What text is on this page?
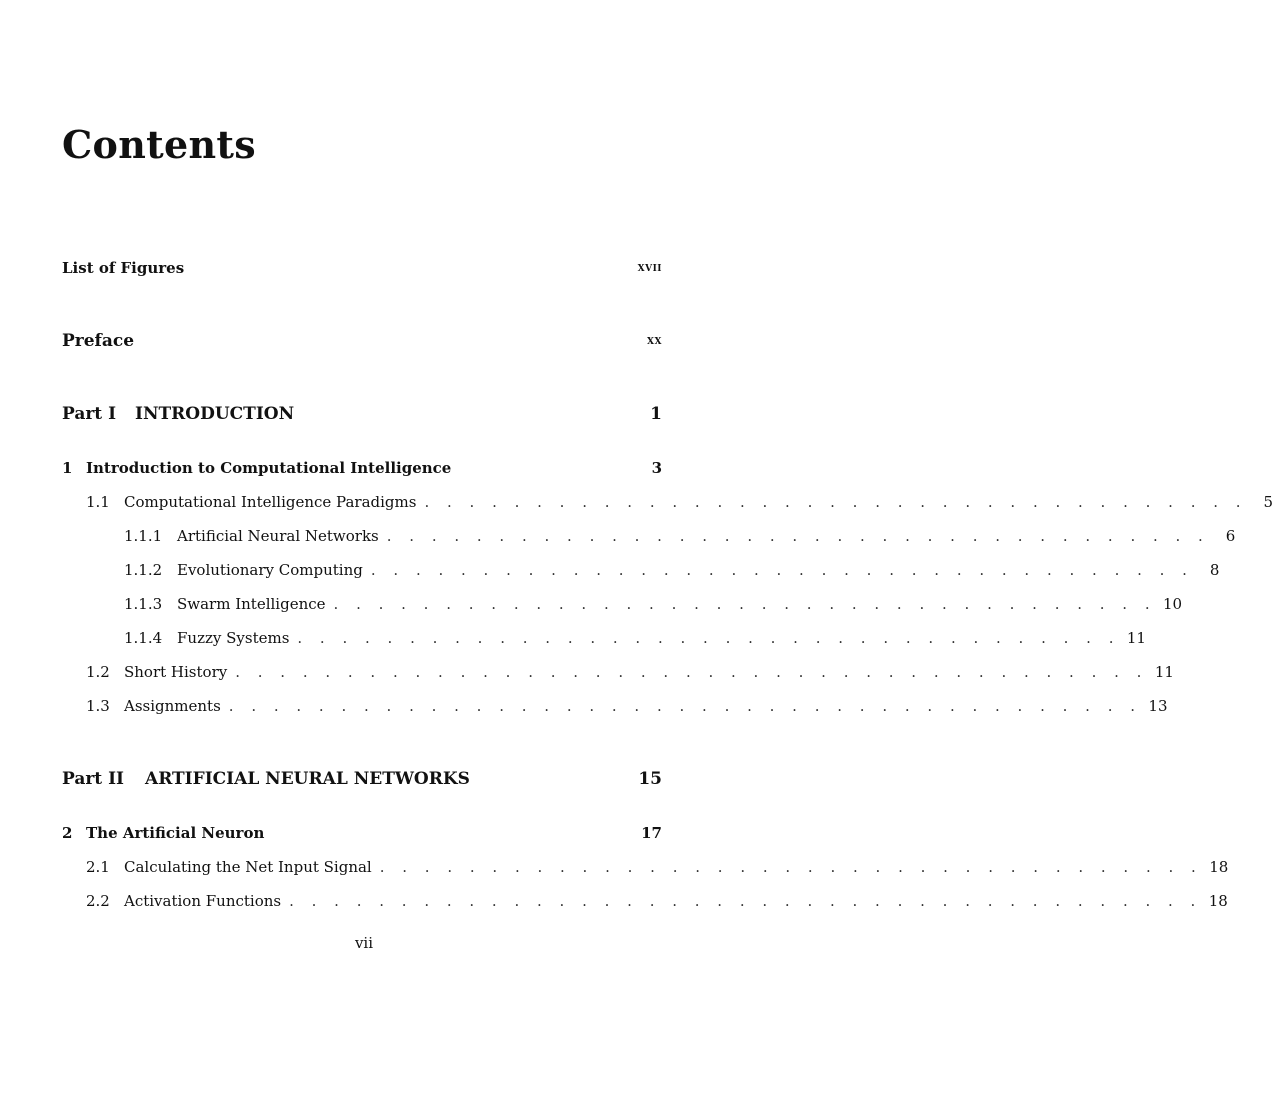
Contents
List of Figures	xvii
Preface	xx
Part I	INTRODUCTION	1
1 Introduction to Computational Intelligence	3
1.1 Computational Intelligence Paradigms . . . . . . . . . . . . . . . . . . . . . . . . . . . . . . . . . . . . .	5
1.1.1 Artificial Neural Networks . . . . . . . . . . . . . . . . . . . . . . . . . . . . . . . . . . . . .	6
1.1.2 Evolutionary Computing . . . . . . . . . . . . . . . . . . . . . . . . . . . . . . . . . . . . .	8
1.1.3 Swarm Intelligence . . . . . . . . . . . . . . . . . . . . . . . . . . . . . . . . . . . . . 10
1.1.4 Fuzzy Systems . . . . . . . . . . . . . . . . . . . . . . . . . . . . . . . . . . . . . 11
1.2 Short History . . . . . . . . . . . . . . . . . . . . . . . . . . . . . . . . . . . . . . . . . 11
1.3 Assignments . . . . . . . . . . . . . . . . . . . . . . . . . . . . . . . . . . . . . . . . . 13
Part II	ARTIFICIAL NEURAL NETWORKS	15
2 The Artificial Neuron	17
2.1 Calculating the Net Input Signal . . . . . . . . . . . . . . . . . . . . . . . . . . . . . . . . . . . . . 18
2.2 Activation Functions . . . . . . . . . . . . . . . . . . . . . . . . . . . . . . . . . . . . . . . . . 18
vii
